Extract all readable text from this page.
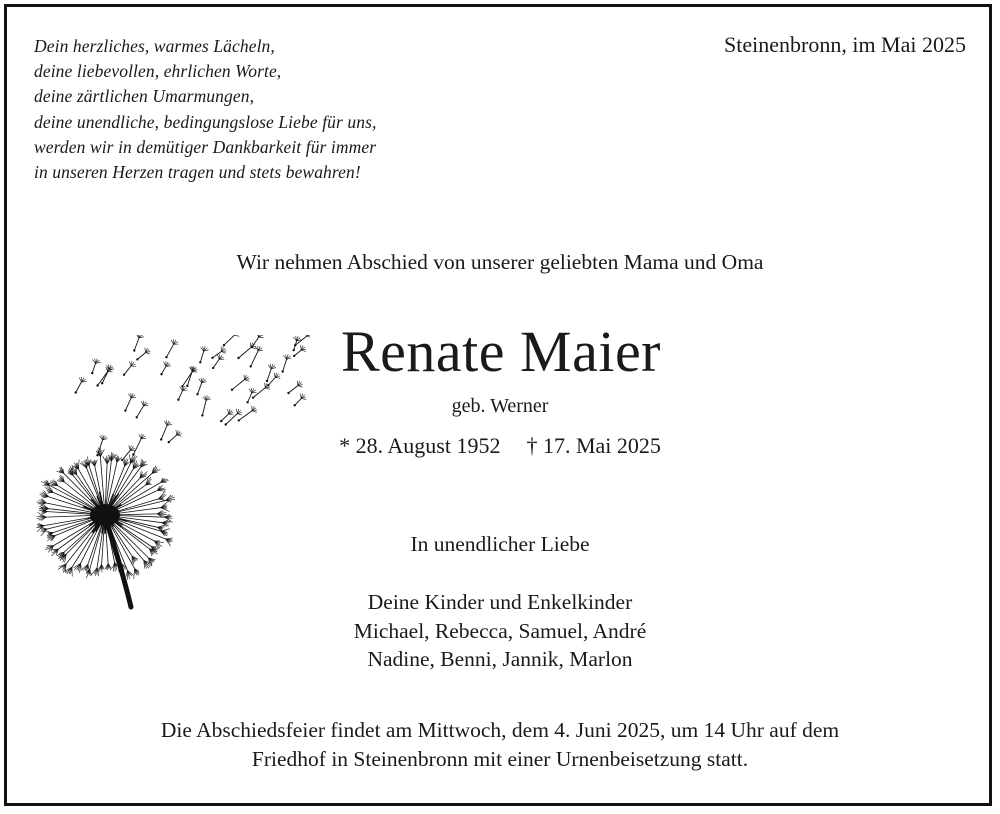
Dein herzliches, warmes Lächeln,
deine liebevollen, ehrlichen Worte,
deine zärtlichen Umarmungen,
deine unendliche, bedingungslose Liebe für uns,
werden wir in demütiger Dankbarkeit für immer
in unseren Herzen tragen und stets bewahren!
Steinenbronn, im Mai 2025
Wir nehmen Abschied von unserer geliebten Mama und Oma
Renate Maier
geb. Werner
* 28. August 1952 † 17. Mai 2025
In unendlicher Liebe
Deine Kinder und Enkelkinder
Michael, Rebecca, Samuel, André
Nadine, Benni, Jannik, Marlon
Die Abschiedsfeier findet am Mittwoch, dem 4. Juni 2025, um 14 Uhr auf dem
Friedhof in Steinenbronn mit einer Urnenbeisetzung statt.
